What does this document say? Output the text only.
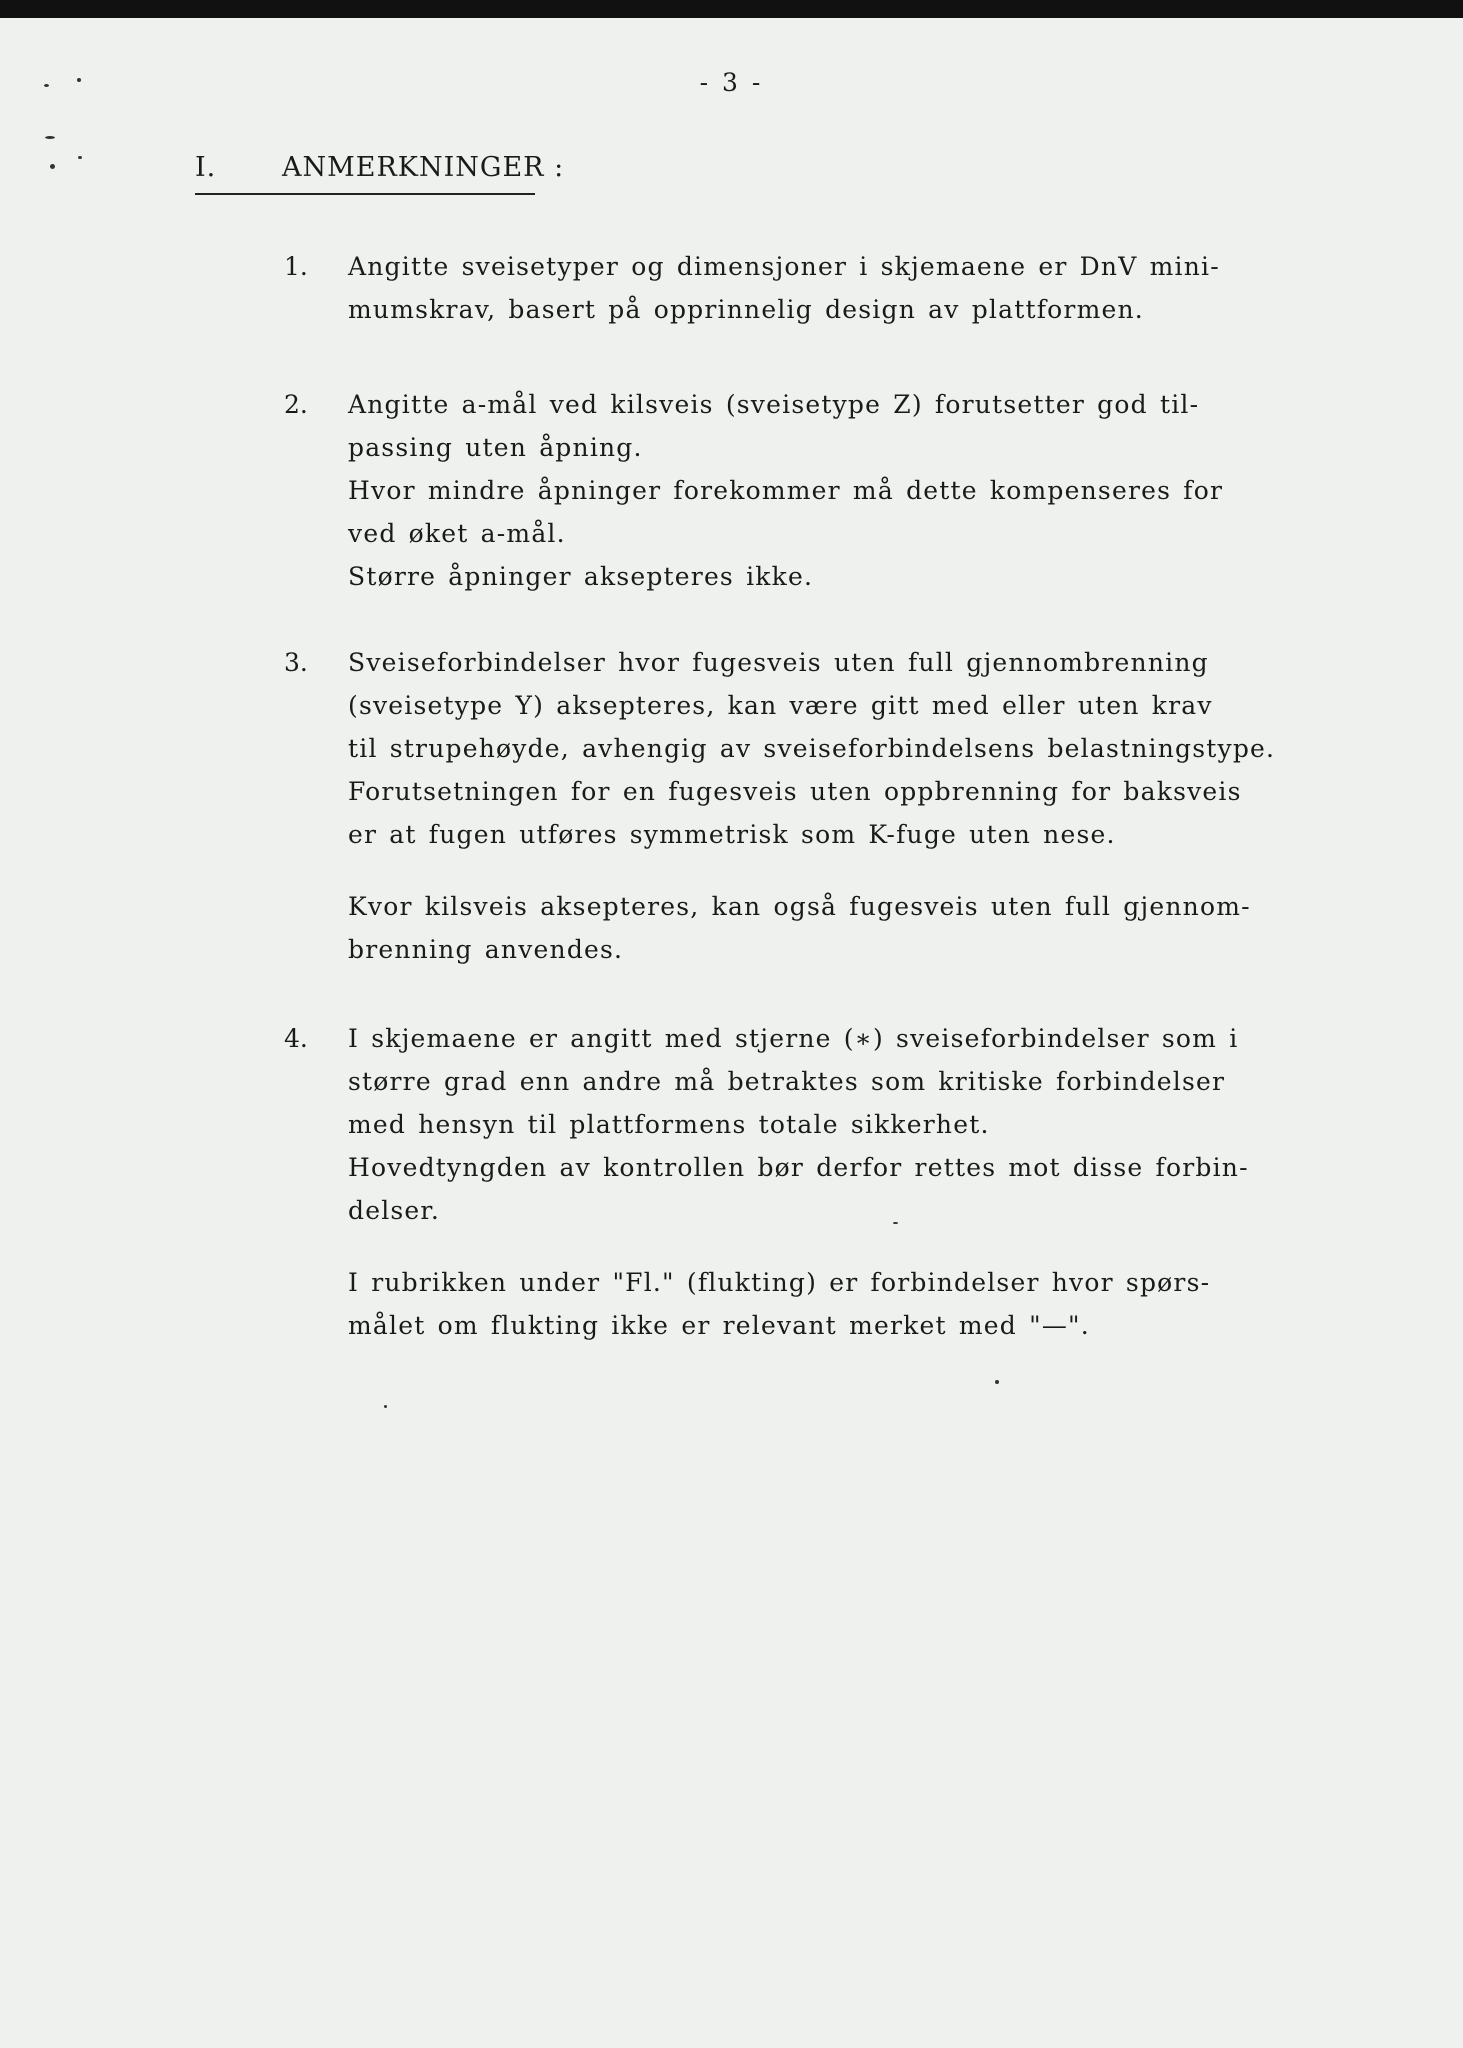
- 3 -
I. ANMERKNINGER :
1. Angitte sveisetyper og dimensjoner i skjemaene er DnV mini-
mumskrav, basert på opprinnelig design av plattformen.
2. Angitte a-mål ved kilsveis (sveisetype Z) forutsetter god til-
passing uten åpning.
Hvor mindre åpninger forekommer må dette kompenseres for
ved øket a-mål.
Større åpninger aksepteres ikke.
3. Sveiseforbindelser hvor fugesveis uten full gjennombrenning
(sveisetype Y) aksepteres, kan være gitt med eller uten krav
til strupehøyde, avhengig av sveiseforbindelsens belastningstype.
Forutsetningen for en fugesveis uten oppbrenning for baksveis
er at fugen utføres symmetrisk som K-fuge uten nese.
Kvor kilsveis aksepteres, kan også fugesveis uten full gjennom-
brenning anvendes.
4. I skjemaene er angitt med stjerne (∗) sveiseforbindelser som i
større grad enn andre må betraktes som kritiske forbindelser
med hensyn til plattformens totale sikkerhet.
Hovedtyngden av kontrollen bør derfor rettes mot disse forbin-
delser.
I rubrikken under "Fl." (flukting) er forbindelser hvor spørs-
målet om flukting ikke er relevant merket med "—".
